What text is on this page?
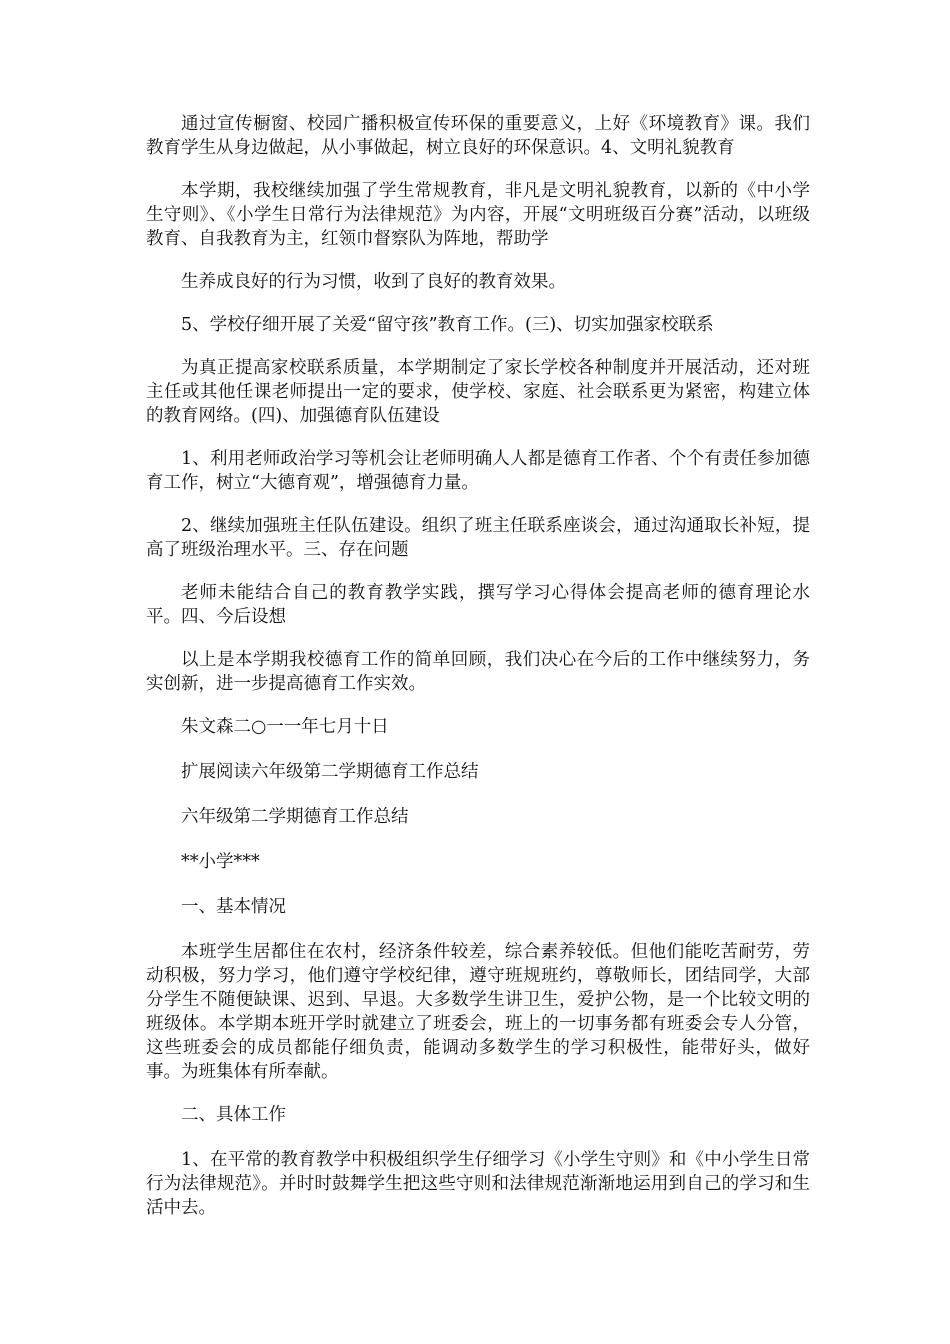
通过宣传橱窗、校园广播积极宣传环保的重要意义，上好《环境教育》课。我们教育学生从身边做起，从小事做起，树立良好的环保意识。4、文明礼貌教育

本学期，我校继续加强了学生常规教育，非凡是文明礼貌教育，以新的《中小学生守则》、《小学生日常行为法律规范》为内容，开展“文明班级百分赛”活动，以班级教育、自我教育为主，红领巾督察队为阵地，帮助学

生养成良好的行为习惯，收到了良好的教育效果。

5、学校仔细开展了关爱“留守孩”教育工作。(三)、切实加强家校联系

为真正提高家校联系质量，本学期制定了家长学校各种制度并开展活动，还对班主任或其他任课老师提出一定的要求，使学校、家庭、社会联系更为紧密，构建立体的教育网络。(四)、加强德育队伍建设

1、利用老师政治学习等机会让老师明确人人都是德育工作者、个个有责任参加德育工作，树立“大德育观”，增强德育力量。

2、继续加强班主任队伍建设。组织了班主任联系座谈会，通过沟通取长补短，提高了班级治理水平。三、存在问题

老师未能结合自己的教育教学实践，撰写学习心得体会提高老师的德育理论水平。四、今后设想

以上是本学期我校德育工作的简单回顾，我们决心在今后的工作中继续努力，务实创新，进一步提高德育工作实效。

朱文森二○一一年七月十日

扩展阅读六年级第二学期德育工作总结

六年级第二学期德育工作总结

**小学***

一、基本情况

本班学生居都住在农村，经济条件较差，综合素养较低。但他们能吃苦耐劳，劳动积极，努力学习，他们遵守学校纪律，遵守班规班约，尊敬师长，团结同学，大部分学生不随便缺课、迟到、早退。大多数学生讲卫生，爱护公物，是一个比较文明的班级体。本学期本班开学时就建立了班委会，班上的一切事务都有班委会专人分管，这些班委会的成员都能仔细负责，能调动多数学生的学习积极性，能带好头，做好事。为班集体有所奉献。

二、具体工作

1、在平常的教育教学中积极组织学生仔细学习《小学生守则》和《中小学生日常行为法律规范》。并时时鼓舞学生把这些守则和法律规范渐渐地运用到自己的学习和生活中去。
